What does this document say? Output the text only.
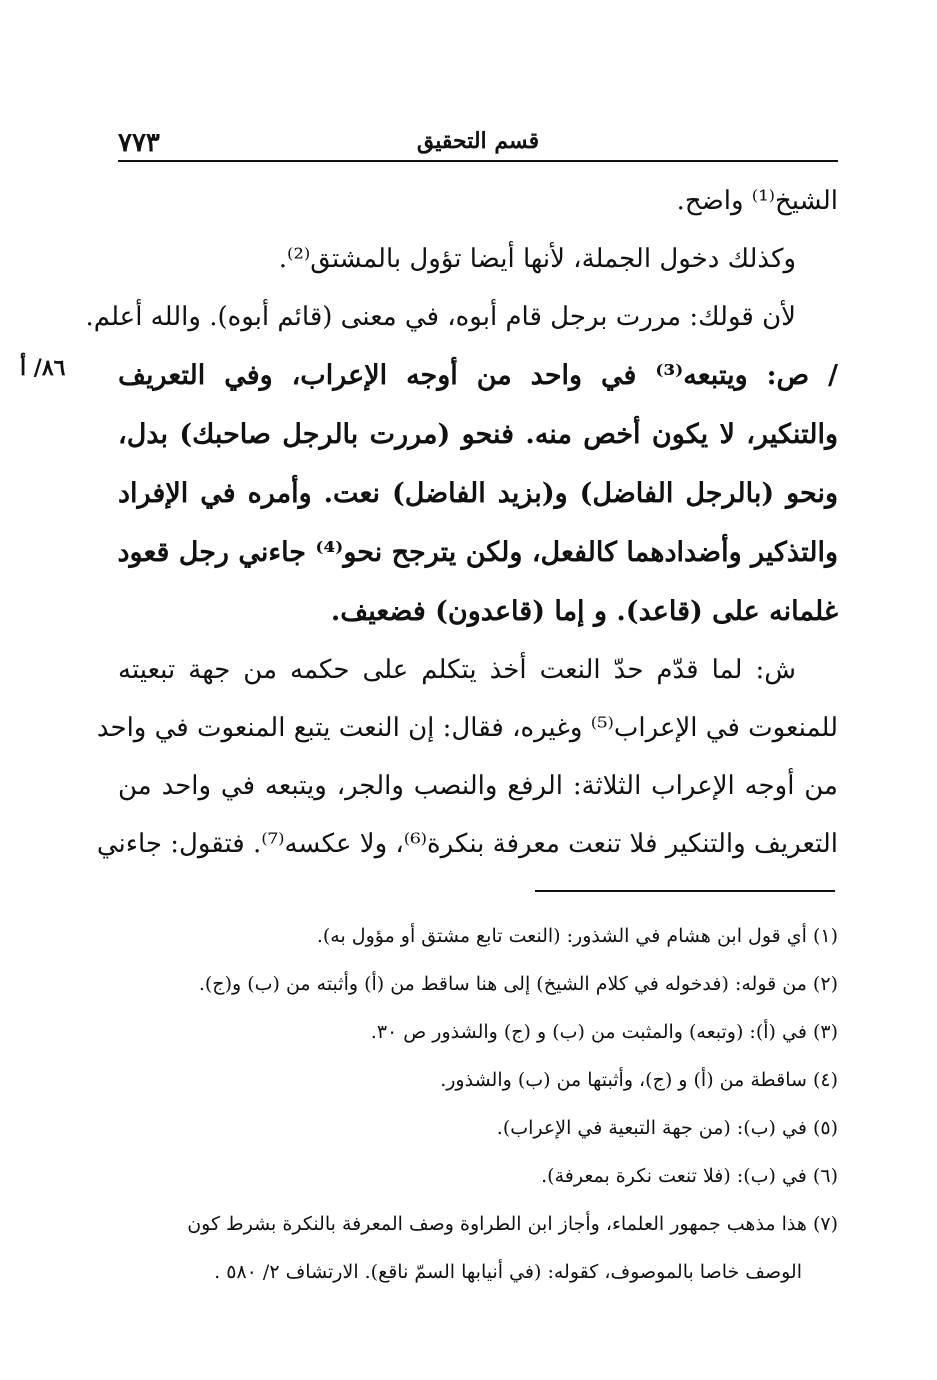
٧٧٣	قسم التحقيق
٨٦/ أ
الشيخ⁽¹⁾ واضح.
وكذلك دخول الجملة، لأنها أيضا تؤول بالمشتق⁽²⁾.
لأن قولك: مررت برجل قام أبوه، في معنى (قائم أبوه). والله أعلم.
/ ص: ويتبعه⁽³⁾ في واحد من أوجه الإعراب، وفي التعريف
والتنكير، لا يكون أخص منه. فنحو (مررت بالرجل صاحبك) بدل،
ونحو (بالرجل الفاضل) و(بزيد الفاضل) نعت. وأمره في الإفراد
والتذكير وأضدادهما كالفعل، ولكن يترجح نحو⁽⁴⁾ جاءني رجل قعود
غلمانه على (قاعد). و إما (قاعدون) فضعيف.
ش: لما قدّم حدّ النعت أخذ يتكلم على حكمه من جهة تبعيته
للمنعوت في الإعراب⁽⁵⁾ وغيره، فقال: إن النعت يتبع المنعوت في واحد
من أوجه الإعراب الثلاثة: الرفع والنصب والجر، ويتبعه في واحد من
التعريف والتنكير فلا تنعت معرفة بنكرة⁽⁶⁾، ولا عكسه⁽⁷⁾. فتقول: جاءني
(١) أي قول ابن هشام في الشذور: (النعت تابع مشتق أو مؤول به).
(٢) من قوله: (فدخوله في كلام الشيخ) إلى هنا ساقط من (أ) وأثبته من (ب) و(ج).
(٣) في (أ): (وتبعه) والمثبت من (ب) و (ج) والشذور ص ٣٠.
(٤) ساقطة من (أ) و (ج)، وأثبتها من (ب) والشذور.
(٥) في (ب): (من جهة التبعية في الإعراب).
(٦) في (ب): (فلا تنعت نكرة بمعرفة).
(٧) هذا مذهب جمهور العلماء، وأجاز ابن الطراوة وصف المعرفة بالنكرة بشرط كون
الوصف خاصا بالموصوف، كقوله: (في أنيابها السمّ ناقع). الارتشاف ٢/ ٥٨٠ .
